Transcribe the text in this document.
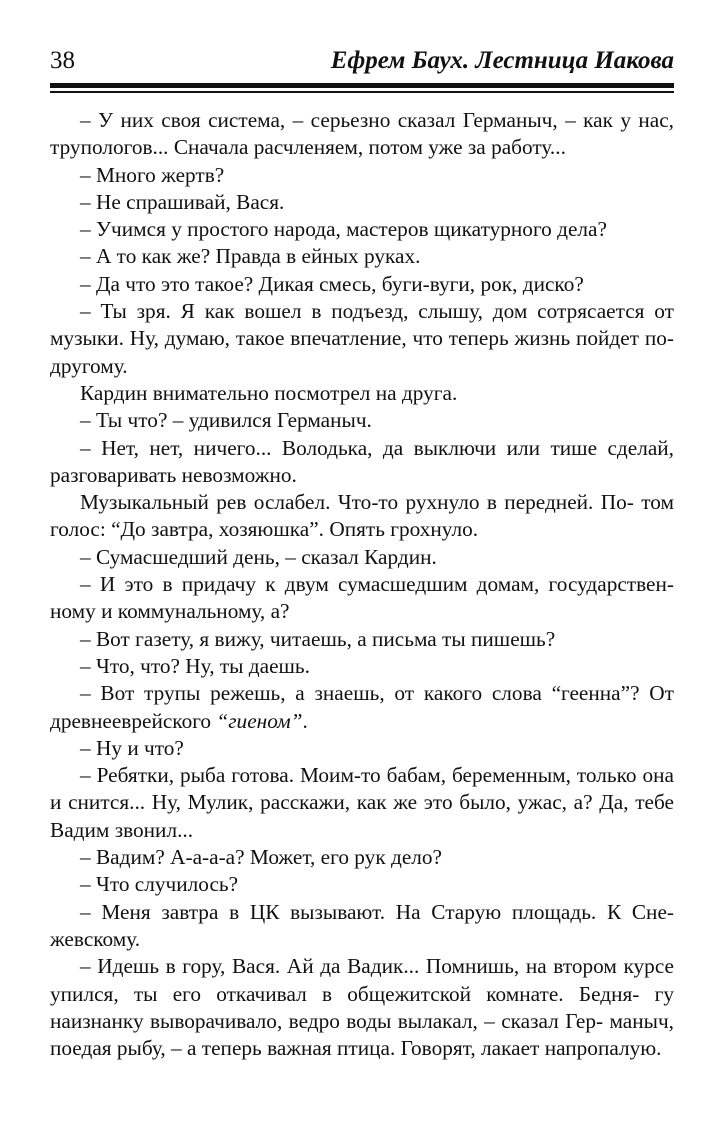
38	Ефрем Баух. Лестница Иакова

– У них своя система, – серьезно сказал Германыч, – как у нас, трупологов... Сначала расчленяем, потом уже за работу...

– Много жертв?

– Не спрашивай, Вася.

– Учимся у простого народа, мастеров щикатурного дела?

– А то как же? Правда в ейных руках.

– Да что это такое? Дикая смесь, буги-вуги, рок, диско?

– Ты зря. Я как вошел в подъезд, слышу, дом сотрясается от музыки. Ну, думаю, такое впечатление, что теперь жизнь пойдет по-другому.

Кардин внимательно посмотрел на друга.

– Ты что? – удивился Германыч.

– Нет, нет, ничего... Володька, да выключи или тише сделай, разговаривать невозможно.

Музыкальный рев ослабел. Что-то рухнуло в передней. По- том голос: “До завтра, хозяюшка”. Опять грохнуло.

– Сумасшедший день, – сказал Кардин.

– И это в придачу к двум сумасшедшим домам, государствен- ному и коммунальному, а?

– Вот газету, я вижу, читаешь, а письма ты пишешь?

– Что, что? Ну, ты даешь.

– Вот трупы режешь, а знаешь, от какого слова “геенна”? От древнееврейского “гиеном”.

– Ну и что?

– Ребятки, рыба готова. Моим-то бабам, беременным, только она и снится... Ну, Мулик, расскажи, как же это было, ужас, а? Да, тебе Вадим звонил...

– Вадим? А-а-а-а? Может, его рук дело?

– Что случилось?

– Меня завтра в ЦК вызывают. На Старую площадь. К Сне- жевскому.

– Идешь в гору, Вася. Ай да Вадик... Помнишь, на втором курсе упился, ты его откачивал в общежитской комнате. Бедня- гу наизнанку выворачивало, ведро воды вылакал, – сказал Гер- маныч, поедая рыбу, – а теперь важная птица. Говорят, лакает напропалую.
